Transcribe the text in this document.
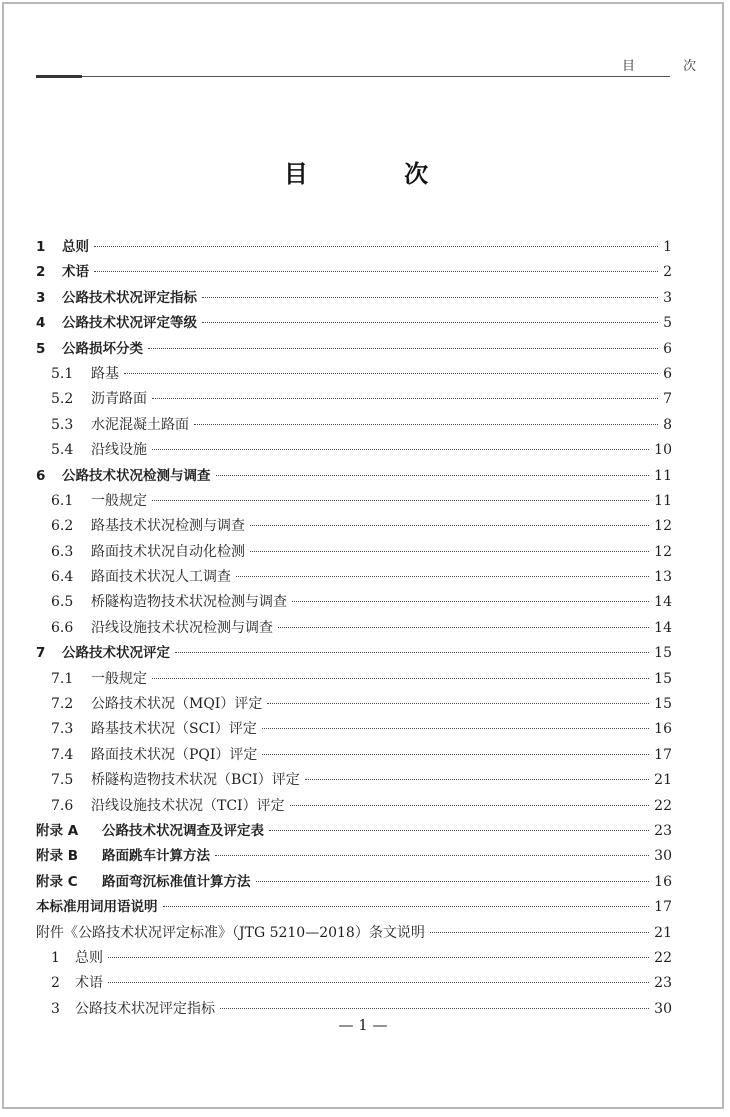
目 次
目 次
1	总则	1
2	术语	2
3	公路技术状况评定指标	3
4	公路技术状况评定等级	5
5	公路损坏分类	6
5.1	路基	6
5.2	沥青路面	7
5.3	水泥混凝土路面	8
5.4	沿线设施	10
6	公路技术状况检测与调查	11
6.1	一般规定	11
6.2	路基技术状况检测与调查	12
6.3	路面技术状况自动化检测	12
6.4	路面技术状况人工调查	13
6.5	桥隧构造物技术状况检测与调查	14
6.6	沿线设施技术状况检测与调查	14
7	公路技术状况评定	15
7.1	一般规定	15
7.2	公路技术状况（MQI）评定	15
7.3	路基技术状况（SCI）评定	16
7.4	路面技术状况（PQI）评定	17
7.5	桥隧构造物技术状况（BCI）评定	21
7.6	沿线设施技术状况（TCI）评定	22
附录 A	公路技术状况调查及评定表	23
附录 B	路面跳车计算方法	30
附录 C	路面弯沉标准值计算方法	16
本标准用词用语说明	17
附件《公路技术状况评定标准》（JTG 5210—2018）条文说明	21
1	总则	22
2	术语	23
3	公路技术状况评定指标	30
— 1 —
